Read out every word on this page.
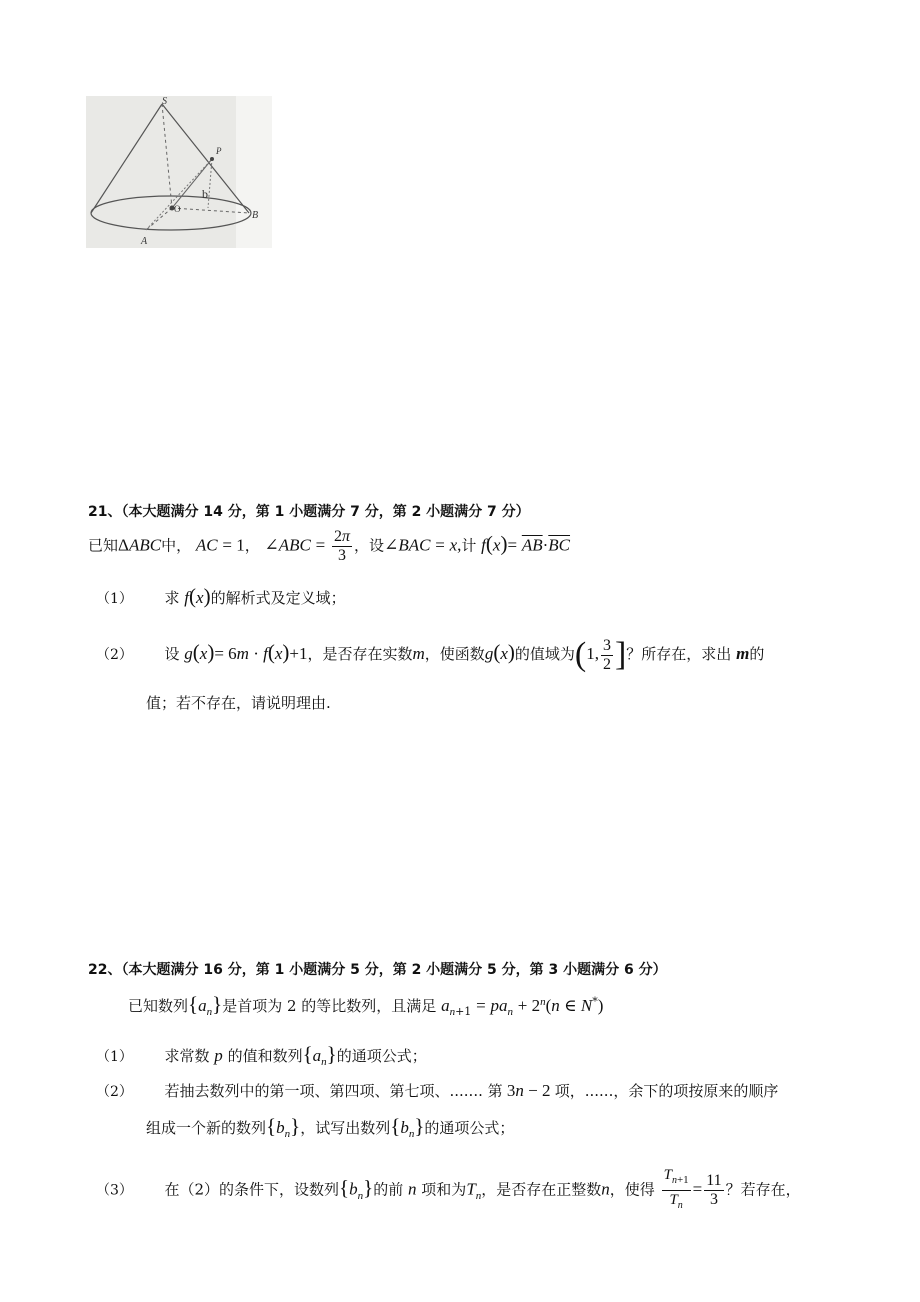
S
P
A
B
O
b
21、（本大题满分 14 分，第 1 小题满分 7 分，第 2 小题满分 7 分）
已知ΔABC中， AC = 1， ∠ABC = $\frac{2\pi}{3}$ ，设∠BAC = x,计 $f(x)= \overline{AB}\cdot\overline{BC}$
（1） 求 f(x)的解析式及定义域；
（2） 设 g(x)= 6m · f(x)+1，是否存在实数m，使函数g(x)的值域为(1, $\frac{3}{2}$ ]？所存在，求出 m的
值；若不存在，请说明理由.
22、（本大题满分 16 分，第 1 小题满分 5 分，第 2 小题满分 5 分，第 3 小题满分 6 分）
已知数列$\{a_n\}$是首项为 2 的等比数列，且满足 $a_{n+1} = pa_n + 2^n(n$ ∈ N*)
（1） 求常数 p 的值和数列$\{a_n\}$的通项公式；
（2） 若抽去数列中的第一项、第四项、第七项、....... 第 3n − 2 项，......，余下的项按原来的顺序
组成一个新的数列$\{b_n\}$，试写出数列$\{b_n\}$的通项公式；
（3） 在（2）的条件下，设数列$\{b_n\}$的前 n 项和为$T_n$，是否存在正整数n，使得 $\frac{T_{n+1}}{T_n} = \frac{11}{3}$ ？若存在，
